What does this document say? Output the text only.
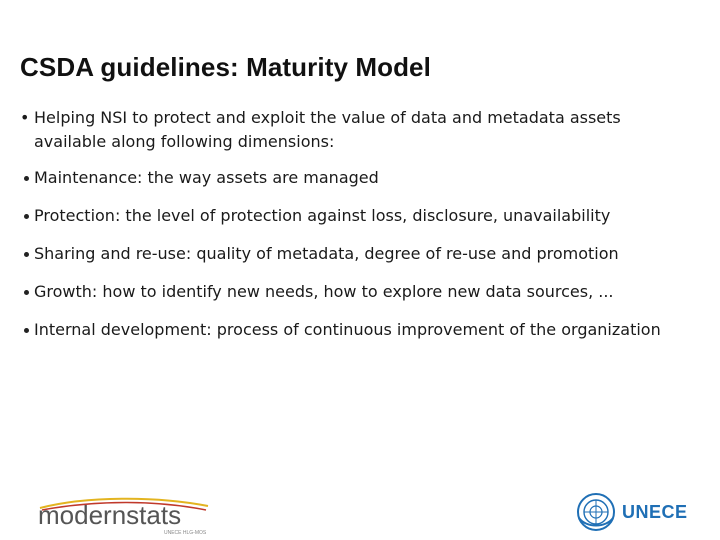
CSDA guidelines: Maturity Model
• Helping NSI to protect and exploit the value of data and metadata assets
available along following dimensions:
Maintenance: the way assets are managed
Protection: the level of protection against loss, disclosure, unavailability
Sharing and re-use: quality of metadata, degree of re-use and promotion
Growth: how to identify new needs, how to explore new data sources, ...
Internal development: process of continuous improvement of the organization
modernstats
UNECE HLG-MOS
UNECE
